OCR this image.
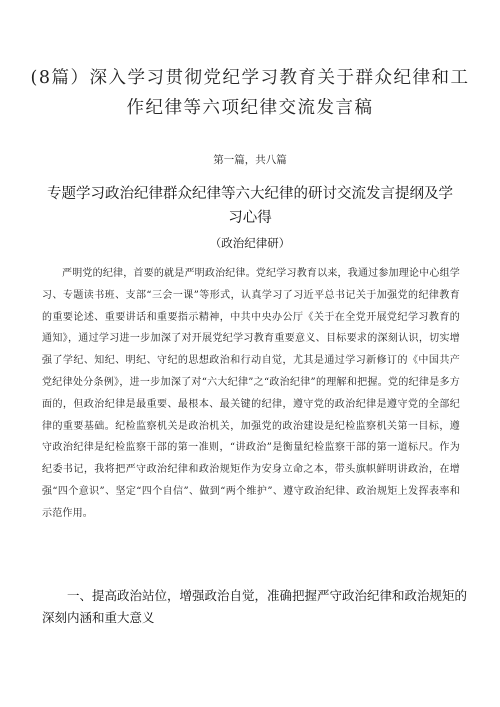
(8篇）深入学习贯彻党纪学习教育关于群众纪律和工作纪律等六项纪律交流发言稿
第一篇，共八篇
专题学习政治纪律群众纪律等六大纪律的研讨交流发言提纲及学习心得
（政治纪律研）

严明党的纪律，首要的就是严明政治纪律。党纪学习教育以来，我通过参加理论中心组学习、专题读书班、支部“三会一课”等形式，认真学习了习近平总书记关于加强党的纪律教育的重要论述、重要讲话和重要指示精神，中共中央办公厅《关于在全党开展党纪学习教育的通知》，通过学习进一步加深了对开展党纪学习教育重要意义、目标要求的深刻认识，切实增强了学纪、知纪、明纪、守纪的思想政治和行动自觉，尤其是通过学习新修订的《中国共产党纪律处分条例》，进一步加深了对“六大纪律”之“政治纪律”的理解和把握。党的纪律是多方面的，但政治纪律是最重要、最根本、最关键的纪律，遵守党的政治纪律是遵守党的全部纪律的重要基础。纪检监察机关是政治机关，加强党的政治建设是纪检监察机关第一目标，遵守政治纪律是纪检监察干部的第一准则，“讲政治”是衡量纪检监察干部的第一道标尺。作为纪委书记，我将把严守政治纪律和政治规矩作为安身立命之本，带头旗帜鲜明讲政治，在增强“四个意识”、坚定“四个自信”、做到“两个维护”、遵守政治纪律、政治规矩上发挥表率和示范作用。

一、提高政治站位，增强政治自觉，准确把握严守政治纪律和政治规矩的深刻内涵和重大意义
